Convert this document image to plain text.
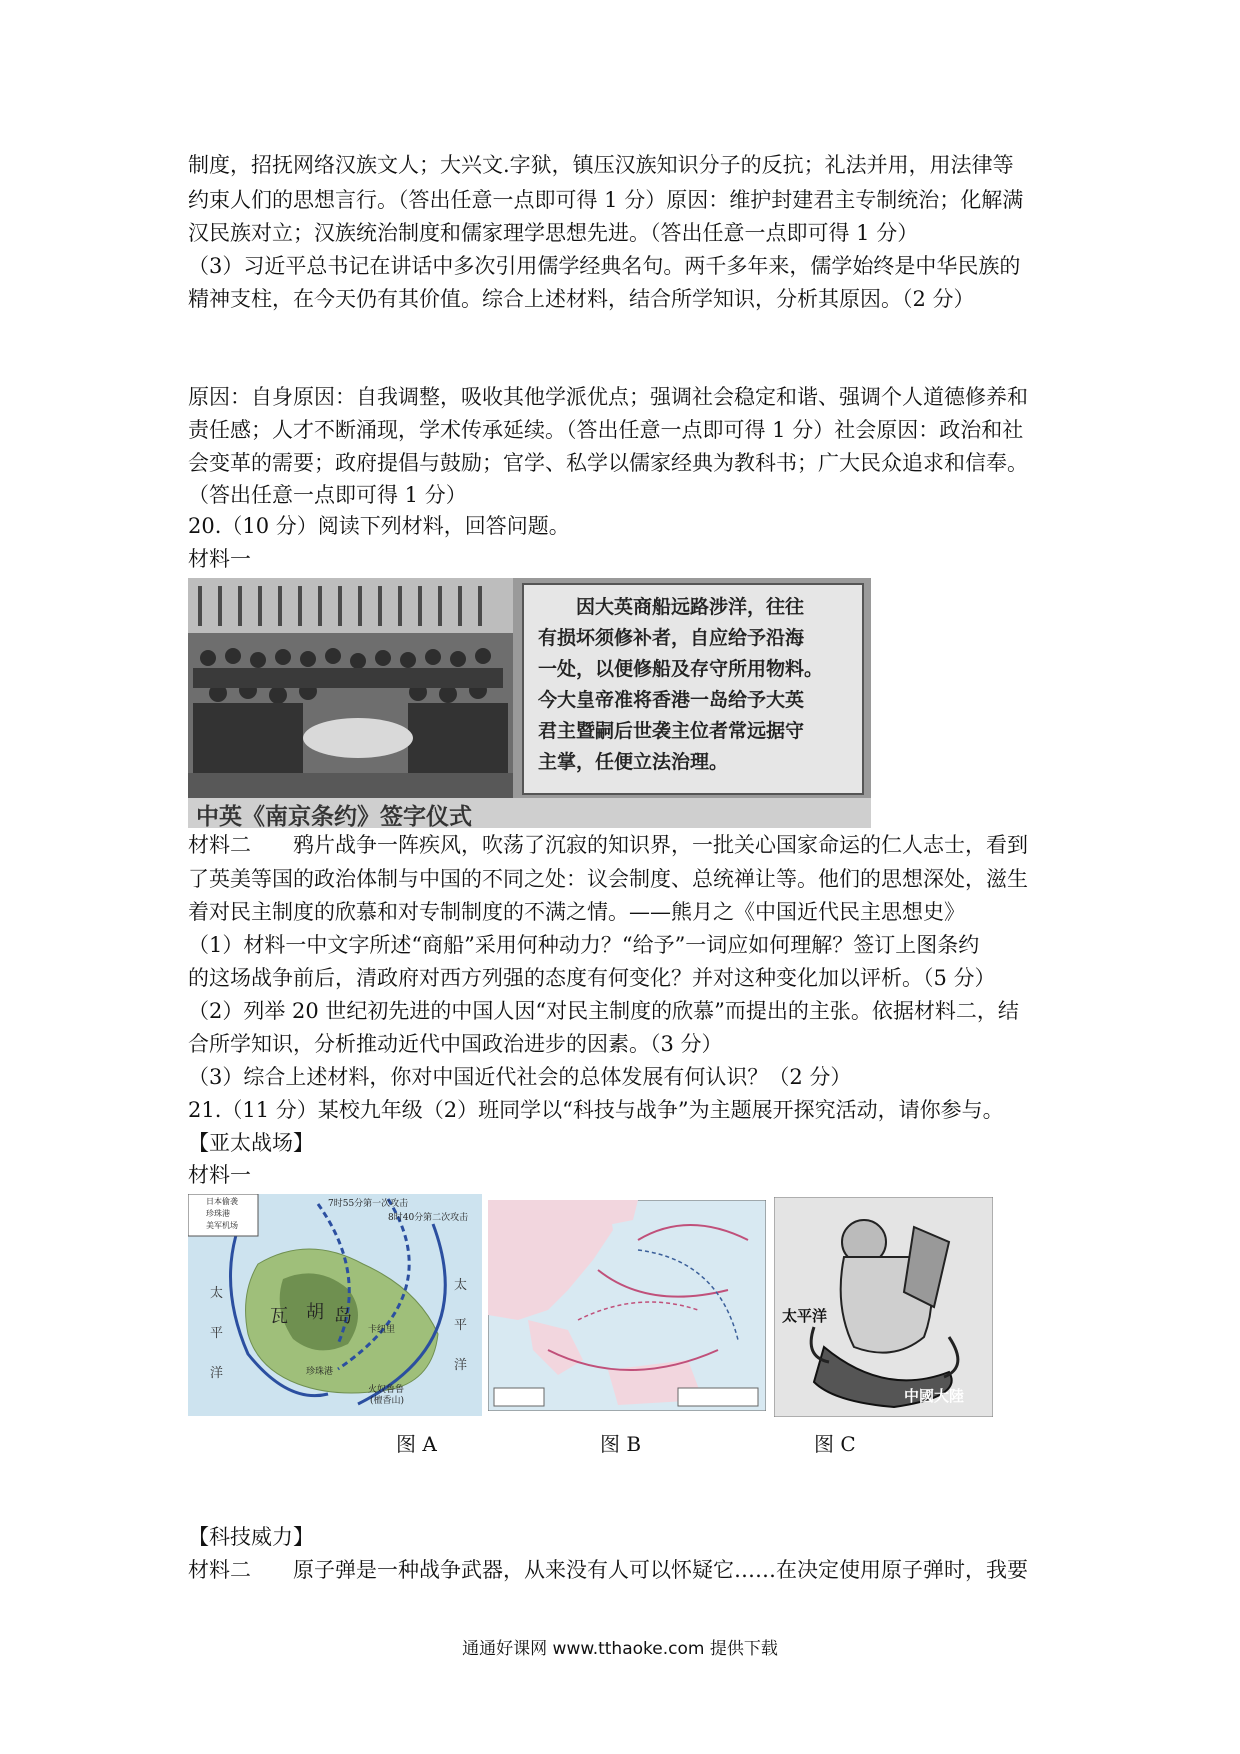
制度，招抚网络汉族文人；大兴文.字狱，镇压汉族知识分子的反抗；礼法并用，用法律等
约束人们的思想言行。（答出任意一点即可得 1 分）原因：维护封建君主专制统治；化解满
汉民族对立；汉族统治制度和儒家理学思想先进。（答出任意一点即可得 1 分）
（3）习近平总书记在讲话中多次引用儒学经典名句。两千多年来，儒学始终是中华民族的
精神支柱，在今天仍有其价值。综合上述材料，结合所学知识，分析其原因。（2 分）
原因：自身原因：自我调整，吸收其他学派优点；强调社会稳定和谐、强调个人道德修养和
责任感；人才不断涌现，学术传承延续。（答出任意一点即可得 1 分）社会原因：政治和社
会变革的需要；政府提倡与鼓励；官学、私学以儒家经典为教科书；广大民众追求和信奉。
（答出任意一点即可得 1 分）
20.（10 分）阅读下列材料，回答问题。
材料一
因大英商船远路涉洋，往往
有损坏须修补者，自应给予沿海
一处，以便修船及存守所用物料。
今大皇帝准将香港一岛给予大英
君主暨嗣后世袭主位者常远据守
主掌，任便立法治理。
中英《南京条约》签字仪式
材料二　　鸦片战争一阵疾风，吹荡了沉寂的知识界，一批关心国家命运的仁人志士，看到
了英美等国的政治体制与中国的不同之处：议会制度、总统禅让等。他们的思想深处，滋生
着对民主制度的欣慕和对专制制度的不满之情。——熊月之《中国近代民主思想史》
（1）材料一中文字所述“商船”采用何种动力？“给予”一词应如何理解？签订上图条约
的这场战争前后，清政府对西方列强的态度有何变化？并对这种变化加以评析。（5 分）
（2）列举 20 世纪初先进的中国人因“对民主制度的欣慕”而提出的主张。依据材料二，结
合所学知识，分析推动近代中国政治进步的因素。（3 分）
（3）综合上述材料，你对中国近代社会的总体发展有何认识？（2 分）
21.（11 分）某校九年级（2）班同学以“科技与战争”为主题展开探究活动，请你参与。
【亚太战场】
材料一
日本偷袭
珍珠港
美军机场
7时55分第一次攻击
8时40分第二次攻击
太
平
洋
瓦 胡 岛
卡纽里
珍珠港
火奴鲁鲁
(檀香山)
太
平
洋
太平洋
中國大陸
图 A	图 B	图 C
【科技威力】
材料二　　原子弹是一种战争武器，从来没有人可以怀疑它……在决定使用原子弹时，我要
通通好课网 www.tthaoke.com 提供下载
